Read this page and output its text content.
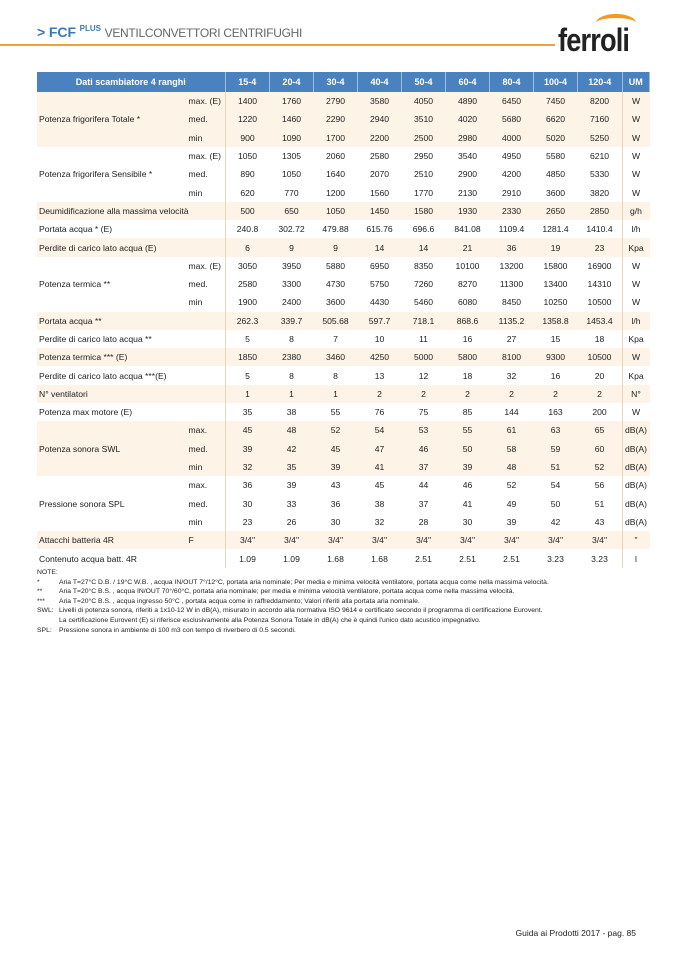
> FCF $^{PLUS}$ VENTILCONVETTORI CENTRIFUGHI	ferroli
Dati scambiatore 4 ranghi		15-4	20-4	30-4	40-4	50-4	60-4	80-4	100-4	120-4	UM
	max. (E)	1400	1760	2790	3580	4050	4890	6450	7450	8200	W
Potenza frigorifera Totale *	med.	1220	1460	2290	2940	3510	4020	5680	6620	7160	W
	min	900	1090	1700	2200	2500	2980	4000	5020	5250	W
	max. (E)	1050	1305	2060	2580	2950	3540	4950	5580	6210	W
Potenza frigorifera Sensibile *	med.	890	1050	1640	2070	2510	2900	4200	4850	5330	W
	min	620	770	1200	1560	1770	2130	2910	3600	3820	W
Deumidificazione alla massima velocità		500	650	1050	1450	1580	1930	2330	2650	2850	g/h
Portata acqua * (E)		240.8	302.72	479.88	615.76	696.6	841.08	1109.4	1281.4	1410.4	l/h
Perdite di carico lato acqua (E)		6	9	9	14	14	21	36	19	23	Kpa
	max. (E)	3050	3950	5880	6950	8350	10100	13200	15800	16900	W
Potenza termica **	med.	2580	3300	4730	5750	7260	8270	11300	13400	14310	W
	min	1900	2400	3600	4430	5460	6080	8450	10250	10500	W
Portata acqua **		262.3	339.7	505.68	597.7	718.1	868.6	1135.2	1358.8	1453.4	l/h
Perdite di carico lato acqua **		5	8	7	10	11	16	27	15	18	Kpa
Potenza termica *** (E)		1850	2380	3460	4250	5000	5800	8100	9300	10500	W
Perdite di carico lato acqua ***(E)		5	8	8	13	12	18	32	16	20	Kpa
N° ventilatori		1	1	1	2	2	2	2	2	2	N°
Potenza max motore (E)		35	38	55	76	75	85	144	163	200	W
	max.	45	48	52	54	53	55	61	63	65	dB(A)
Potenza sonora SWL	med.	39	42	45	47	46	50	58	59	60	dB(A)
	min	32	35	39	41	37	39	48	51	52	dB(A)
	max.	36	39	43	45	44	46	52	54	56	dB(A)
Pressione sonora SPL	med.	30	33	36	38	37	41	49	50	51	dB(A)
	min	23	26	30	32	28	30	39	42	43	dB(A)
Attacchi batteria 4R	F	3/4"	3/4"	3/4"	3/4"	3/4"	3/4"	3/4"	3/4"	3/4"	"
Contenuto acqua batt. 4R		1.09	1.09	1.68	1.68	2.51	2.51	2.51	3.23	3.23	l
NOTE:
*	Aria T=27°C D.B. / 19°C W.B. , acqua IN/OUT 7°/12°C, portata aria nominale; Per media e minima velocità ventilatore, portata acqua come nella massima velocità.
**	Aria T=20°C B.S. , acqua IN/OUT 70°/60°C, portata aria nominale; per media e minima velocità ventilatore, portata acqua come nella massima velocità.
***	Aria T=20°C B.S. , acqua ingresso 50°C , portata acqua come in raffreddamento; Valori riferiti alla portata aria nominale.
SWL: Livelli di potenza sonora, riferiti a 1x10-12 W in dB(A), misurato in accordo alla normativa ISO 9614 e certificato secondo il programma di certificazione Eurovent.
La certificazione Eurovent (E) si riferisce esclusivamente alla Potenza Sonora Totale in dB(A) che è quindi l'unico dato acustico impegnativo.
SPL:	Pressione sonora in ambiente di 100 m3 con tempo di riverbero di 0.5 secondi.
Guida ai Prodotti 2017 - pag. 85
